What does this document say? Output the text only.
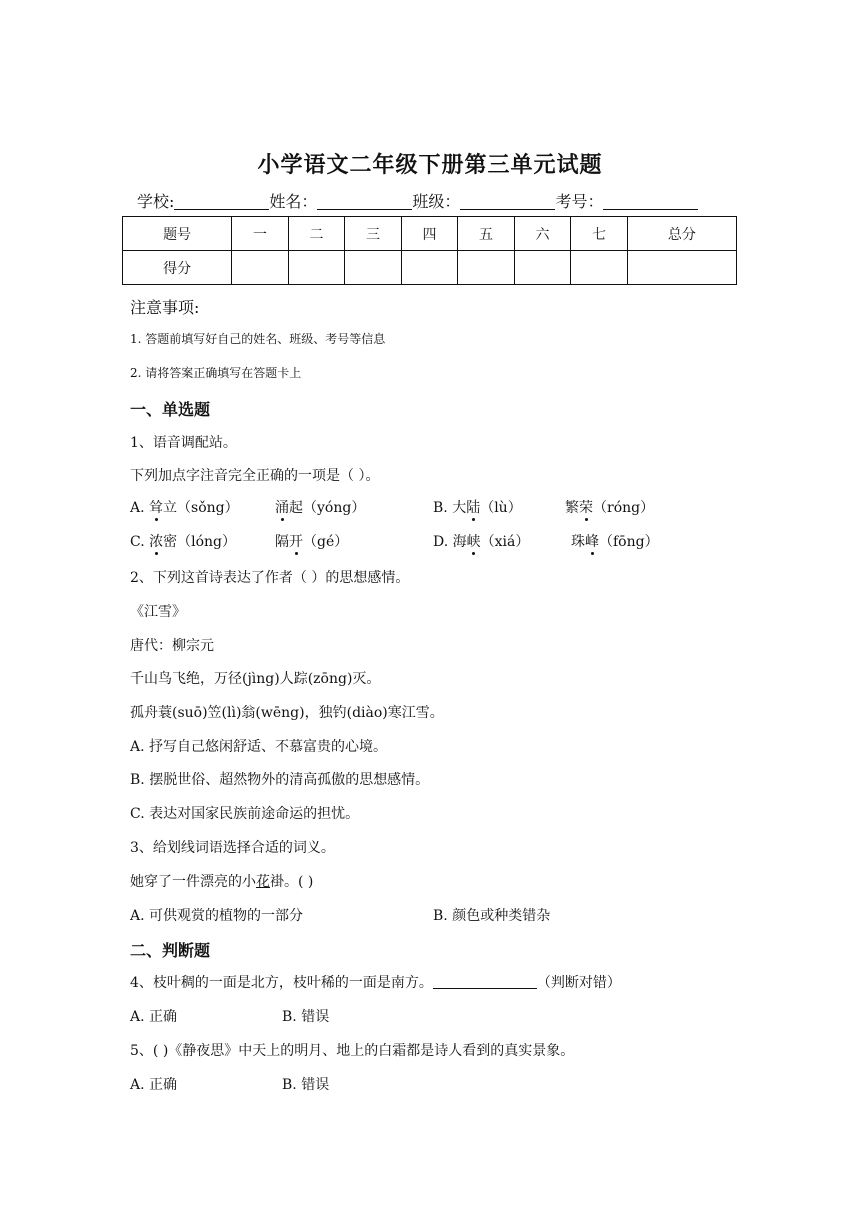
小学语文二年级下册第三单元试题
学校:	姓名：	班级：	考号：
题号	一	二	三	四	五	六	七	总分
得分								
注意事项:
1. 答题前填写好自己的姓名、班级、考号等信息
2. 请将答案正确填写在答题卡上
一、单选题
1、语音调配站。
下列加点字注音完全正确的一项是（ ）。
A. 耸立（sǒng）	涌起（yóng）	B. 大陆（lù）	繁荣（róng）
C. 浓密（lóng）	隔开（gé）	D. 海峡（xiá）	珠峰（fōng）
2、下列这首诗表达了作者（ ）的思想感情。
《江雪》
唐代：柳宗元
千山鸟飞绝，万径(jìng)人踪(zōng)灭。
孤舟蓑(suō)笠(lì)翁(wēng)，独钓(diào)寒江雪。
A. 抒写自己悠闲舒适、不慕富贵的心境。
B. 摆脱世俗、超然物外的清高孤傲的思想感情。
C. 表达对国家民族前途命运的担忧。
3、给划线词语选择合适的词义。
她穿了一件漂亮的小花褂。( )
A. 可供观赏的植物的一部分	B. 颜色或种类错杂
二、判断题
4、枝叶稠的一面是北方，枝叶稀的一面是南方。	（判断对错）
A. 正确	B. 错误
5、( )《静夜思》中天上的明月、地上的白霜都是诗人看到的真实景象。
A. 正确	B. 错误
